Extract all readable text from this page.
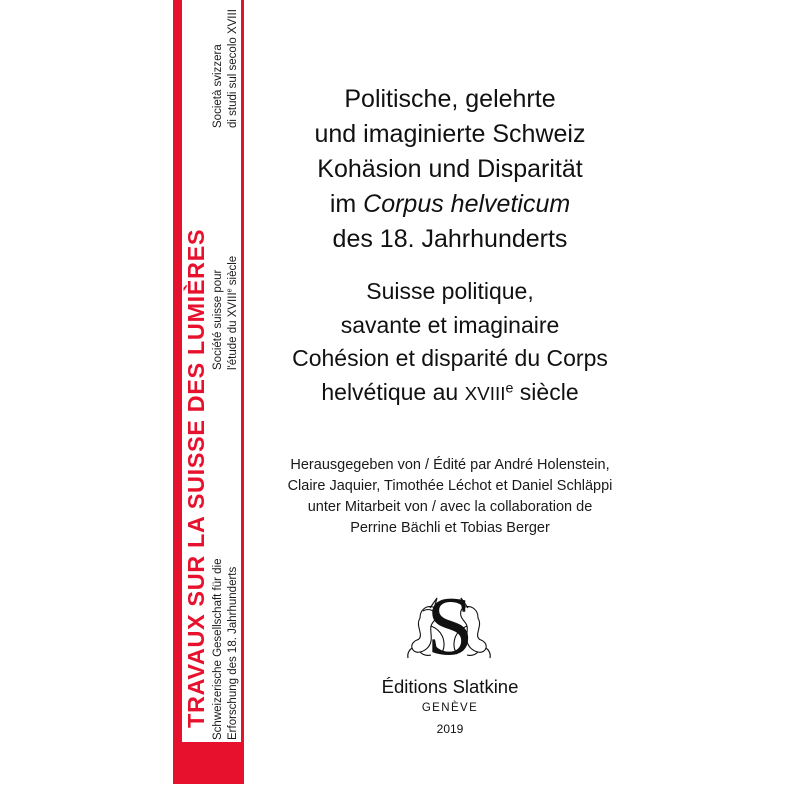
TRAVAUX SUR LA SUISSE DES LUMIÈRES Schweizerische Gesellschaft für die Erforschung des 18. Jahrhunderts
Société suisse pour l'étude du XVIIIe siècle
Società svizzera di studi sul secolo XVIII	Politische, gelehrte
und imaginierte Schweiz
Kohäsion und Disparität
im Corpus helveticum
des 18. Jahrhunderts
Suisse politique,
savante et imaginaire
Cohésion et disparité du Corps
helvétique au XVIIIe siècle
Herausgegeben von / Édité par André Holenstein,
Claire Jaquier, Timothée Léchot et Daniel Schläppi
unter Mitarbeit von / avec la collaboration de
Perrine Bächli et Tobias Berger
S
Éditions Slatkine
GENÈVE
2019
